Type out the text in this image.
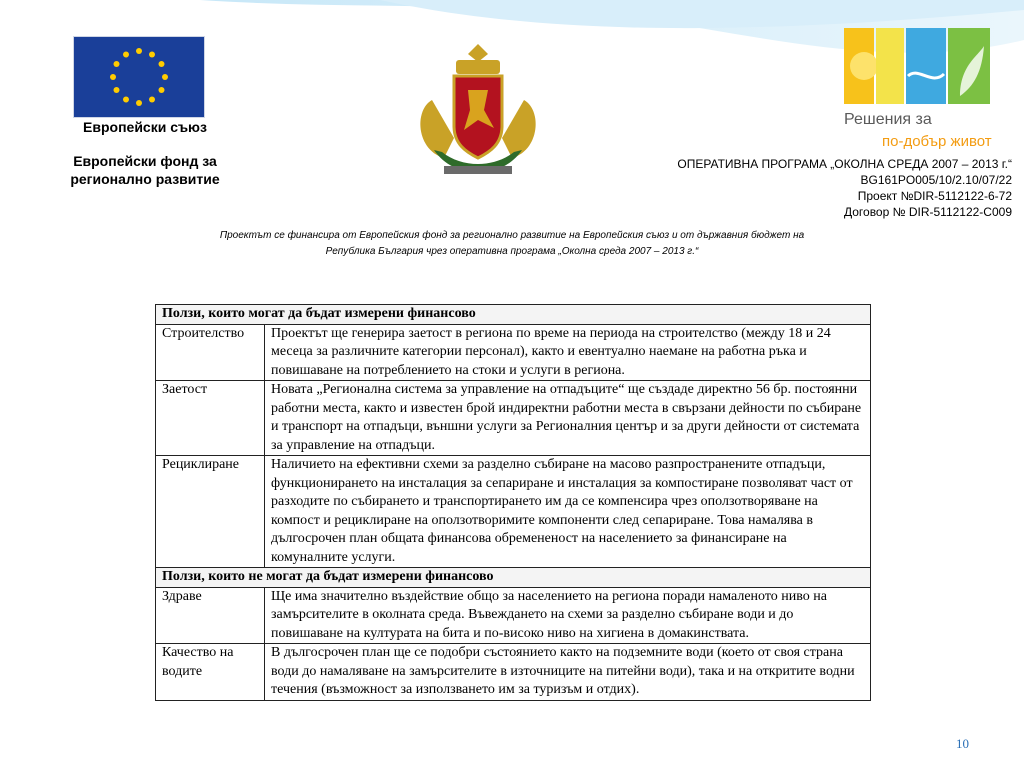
Европейски съюз
Европейски фонд за регионално развитие
Решения за
по-добър живот
ОПЕРАТИВНА ПРОГРАМА „ОКОЛНА СРЕДА 2007 – 2013 г.“
BG161PO005/10/2.10/07/22
Проект №DIR-5112122-6-72
Договор № DIR-5112122-С009
Проектът се финансира от Европейския фонд за регионално развитие на Европейския съюз и от държавния бюджет на
Република България чрез оперативна програма „Околна среда 2007 – 2013 г.“
Ползи, които могат да бъдат измерени финансово	
Строителство	Проектът ще генерира заетост в региона по време на периода на строителство (между 18 и 24 месеца за различните категории персонал), както и евентуално наемане на работна ръка и повишаване на потреблението на стоки и услуги в региона.
Заетост	Новата „Регионална система за управление на отпадъците“ ще създаде директно 56 бр. постоянни работни места, както и известен брой индиректни работни места в свързани дейности по събиране и транспорт на отпадъци, външни услуги за Регионалния център и за други дейности от системата за управление на отпадъци.
Рециклиране	Наличието на ефективни схеми за разделно събиране на масово разпространените отпадъци, функционирането на инсталация за сепариране и инсталация за компостиране позволяват част от разходите по събирането и транспортирането им да се компенсира чрез оползотворяване на компост и рециклиране на оползотворимите компоненти след сепариране. Това намалява в дългосрочен план общата финансова обремененост на населението за финансиране на комуналните услуги.
Ползи, които не могат да бъдат измерени финансово	
Здраве	Ще има значително въздействие общо за населението на региона поради намаленото ниво на замърсителите в околната среда. Въвеждането на схеми за разделно събиране води и до повишаване на културата на бита и по-високо ниво на хигиена в домакинствата.
Качество на водите	В дългосрочен план ще се подобри състоянието както на подземните води (което от своя страна води до намаляване на замърсителите в източниците на питейни води), така и на откритите водни течения (възможност за използването им за туризъм и отдих).
10
